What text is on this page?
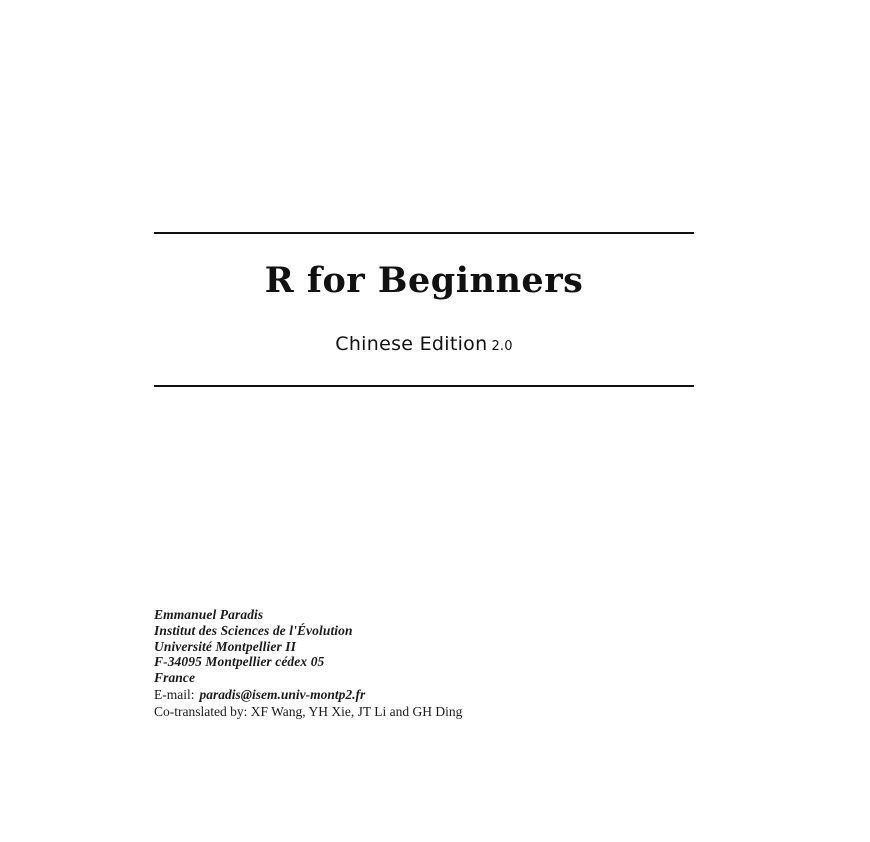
R for Beginners
Chinese Edition 2.0
Emmanuel Paradis
Institut des Sciences de l'Évolution
Université Montpellier II
F-34095 Montpellier cédex 05
France
E-mail: paradis@isem.univ-montp2.fr
Co-translated by: XF Wang, YH Xie, JT Li and GH Ding
